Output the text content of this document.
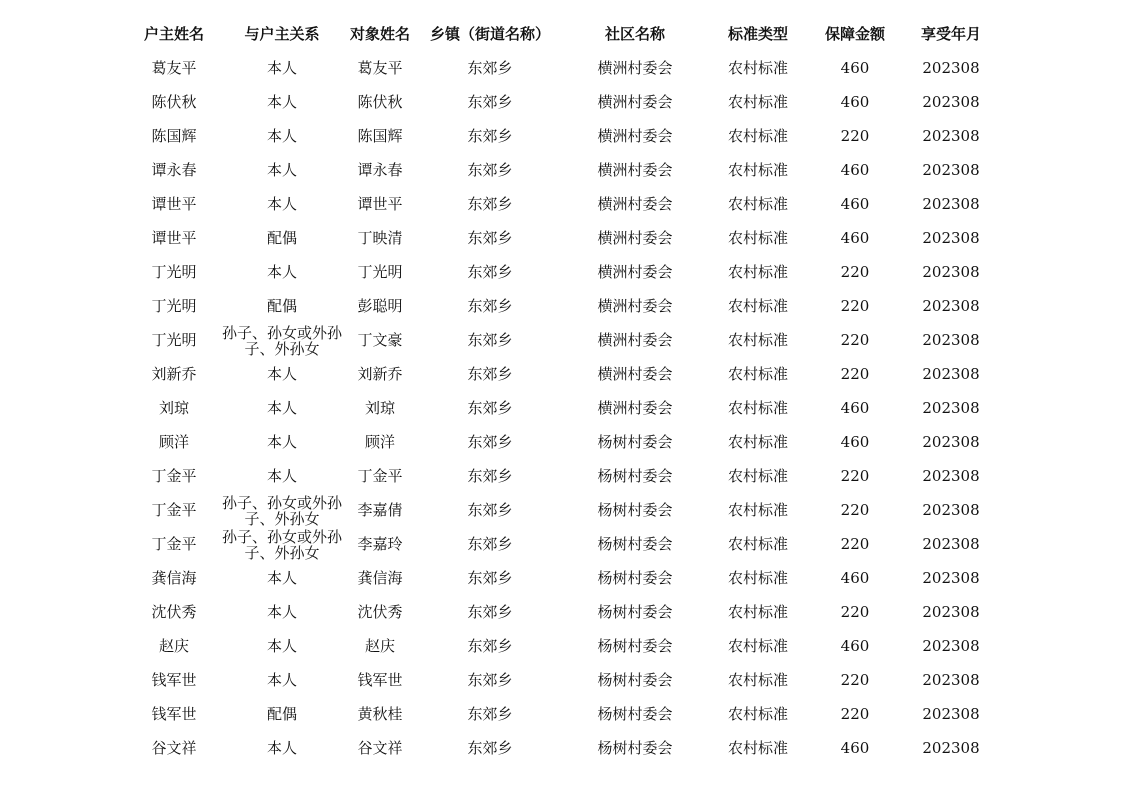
户主姓名	与户主关系	对象姓名	乡镇（街道名称）	社区名称	标准类型	保障金额	享受年月
葛友平	本人	葛友平	东郊乡	横洲村委会	农村标准	460	202308
陈伏秋	本人	陈伏秋	东郊乡	横洲村委会	农村标准	460	202308
陈国辉	本人	陈国辉	东郊乡	横洲村委会	农村标准	220	202308
谭永春	本人	谭永春	东郊乡	横洲村委会	农村标准	460	202308
谭世平	本人	谭世平	东郊乡	横洲村委会	农村标准	460	202308
谭世平	配偶	丁映清	东郊乡	横洲村委会	农村标准	460	202308
丁光明	本人	丁光明	东郊乡	横洲村委会	农村标准	220	202308
丁光明	配偶	彭聪明	东郊乡	横洲村委会	农村标准	220	202308
丁光明	孙子、孙女或外孙子、外孙女	丁文豪	东郊乡	横洲村委会	农村标准	220	202308
刘新乔	本人	刘新乔	东郊乡	横洲村委会	农村标准	220	202308
刘琼	本人	刘琼	东郊乡	横洲村委会	农村标准	460	202308
顾洋	本人	顾洋	东郊乡	杨树村委会	农村标准	460	202308
丁金平	本人	丁金平	东郊乡	杨树村委会	农村标准	220	202308
丁金平	孙子、孙女或外孙子、外孙女	李嘉倩	东郊乡	杨树村委会	农村标准	220	202308
丁金平	孙子、孙女或外孙子、外孙女	李嘉玲	东郊乡	杨树村委会	农村标准	220	202308
龚信海	本人	龚信海	东郊乡	杨树村委会	农村标准	460	202308
沈伏秀	本人	沈伏秀	东郊乡	杨树村委会	农村标准	220	202308
赵庆	本人	赵庆	东郊乡	杨树村委会	农村标准	460	202308
钱军世	本人	钱军世	东郊乡	杨树村委会	农村标准	220	202308
钱军世	配偶	黄秋桂	东郊乡	杨树村委会	农村标准	220	202308
谷文祥	本人	谷文祥	东郊乡	杨树村委会	农村标准	460	202308
